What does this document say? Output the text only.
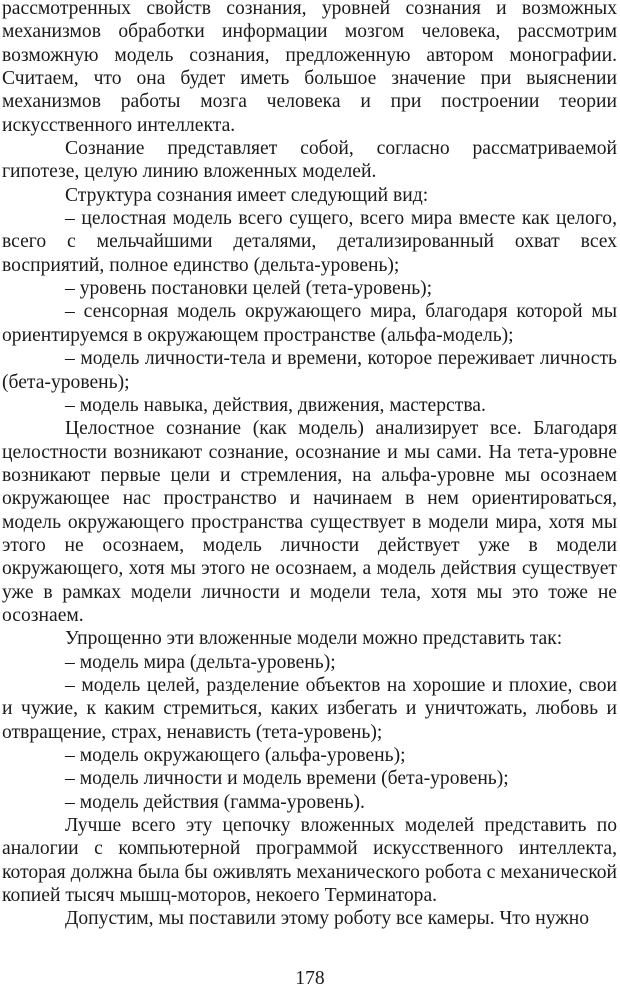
рассмотренных свойств сознания, уровней сознания и возможных механизмов обработки информации мозгом человека, рассмотрим возможную модель сознания, предложенную автором монографии. Считаем, что она будет иметь большое значение при выяснении механизмов работы мозга человека и при построении теории искусственного интеллекта.

Сознание представляет собой, согласно рассматриваемой гипотезе, целую линию вложенных моделей.

Структура сознания имеет следующий вид:

– целостная модель всего сущего, всего мира вместе как целого, всего с мельчайшими деталями, детализированный охват всех восприятий, полное единство (дельта-уровень);

– уровень постановки целей (тета-уровень);

– сенсорная модель окружающего мира, благодаря которой мы ориентируемся в окружающем пространстве (альфа-модель);

– модель личности-тела и времени, которое переживает личность (бета-уровень);

– модель навыка, действия, движения, мастерства.

Целостное сознание (как модель) анализирует все. Благодаря целостности возникают сознание, осознание и мы сами. На тета-уровне возникают первые цели и стремления, на альфа-уровне мы осознаем окружающее нас пространство и начинаем в нем ориентироваться, модель окружающего пространства существует в модели мира, хотя мы этого не осознаем, модель личности действует уже в модели окружающего, хотя мы этого не осознаем, а модель действия существует уже в рамках модели личности и модели тела, хотя мы это тоже не осознаем.

Упрощенно эти вложенные модели можно представить так:

– модель мира (дельта-уровень);

– модель целей, разделение объектов на хорошие и плохие, свои и чужие, к каким стремиться, каких избегать и уничтожать, любовь и отвращение, страх, ненависть (тета-уровень);

– модель окружающего (альфа-уровень);

– модель личности и модель времени (бета-уровень);

– модель действия (гамма-уровень).

Лучше всего эту цепочку вложенных моделей представить по аналогии с компьютерной программой искусственного интеллекта, которая должна была бы оживлять механического робота с механической копией тысяч мышц-моторов, некоего Терминатора.

Допустим, мы поставили этому роботу все камеры. Что нужно

178
